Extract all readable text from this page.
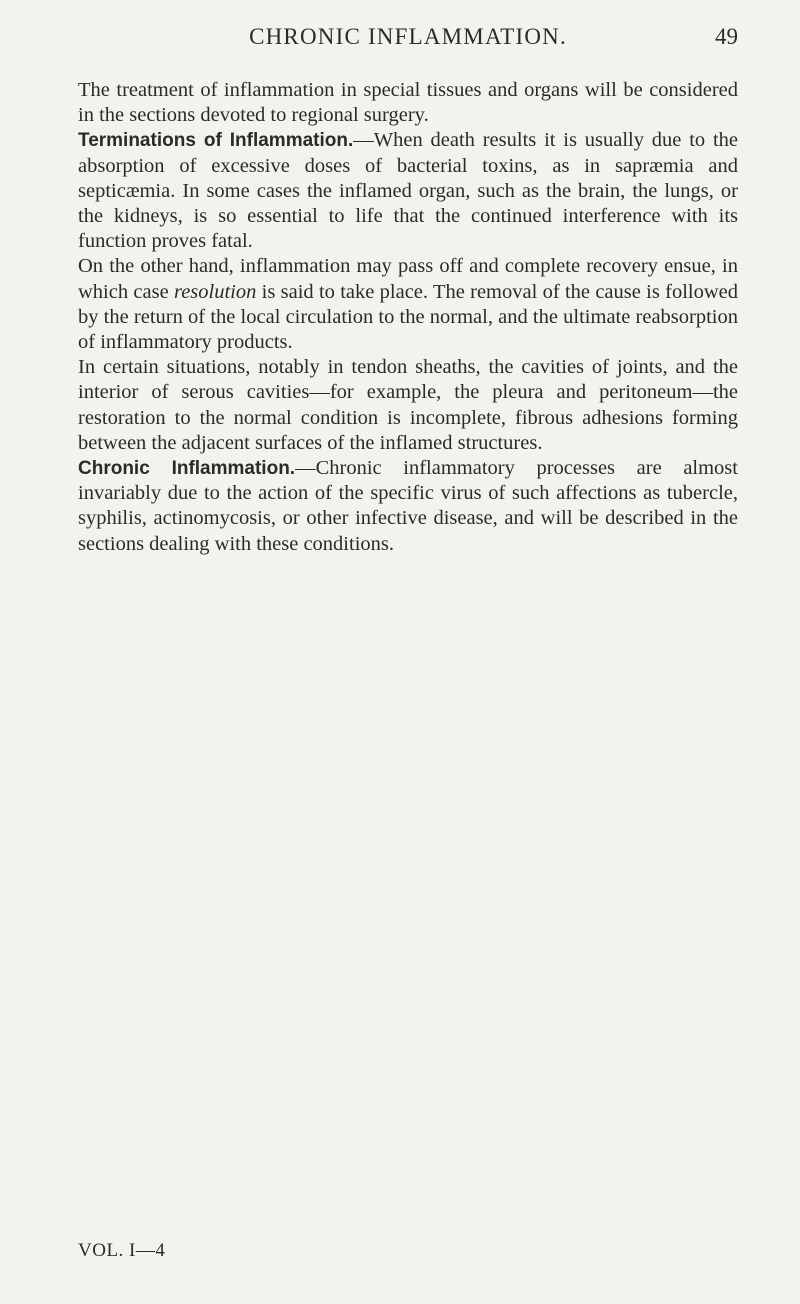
CHRONIC INFLAMMATION.	49

The treatment of inflammation in special tissues and organs will be considered in the sections devoted to regional surgery.

Terminations of Inflammation.—When death results it is usually due to the absorption of excessive doses of bacterial toxins, as in sapræmia and septicæmia. In some cases the inflamed organ, such as the brain, the lungs, or the kidneys, is so essential to life that the continued interference with its function proves fatal.

On the other hand, inflammation may pass off and complete recovery ensue, in which case resolution is said to take place. The removal of the cause is followed by the return of the local circulation to the normal, and the ultimate reabsorption of inflammatory products.

In certain situations, notably in tendon sheaths, the cavities of joints, and the interior of serous cavities—for example, the pleura and peritoneum—the restoration to the normal condition is incomplete, fibrous adhesions forming between the adjacent surfaces of the inflamed structures.

Chronic Inflammation.—Chronic inflammatory processes are almost invariably due to the action of the specific virus of such affections as tubercle, syphilis, actinomycosis, or other infective disease, and will be described in the sections dealing with these conditions.

VOL. I—4
